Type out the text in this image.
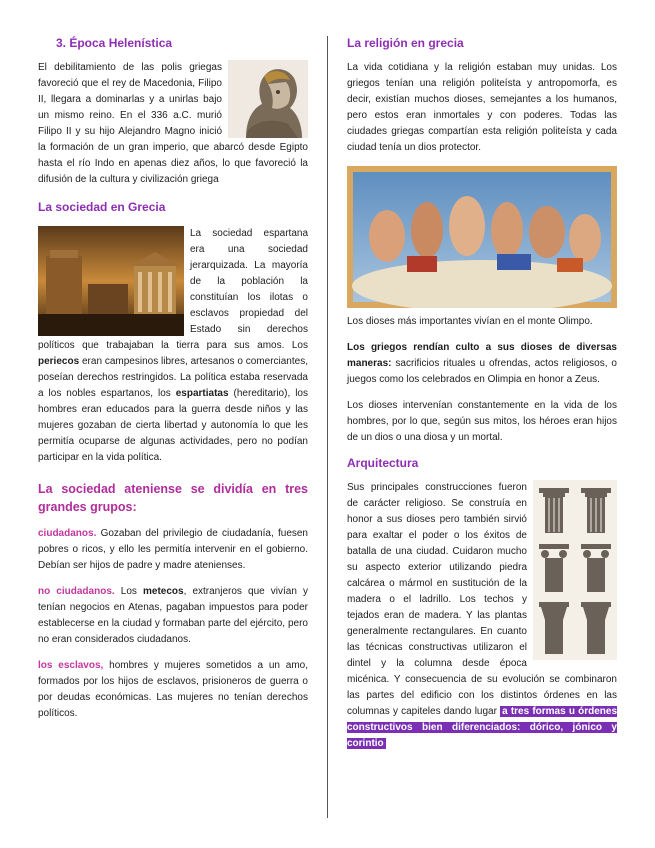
3. Época Helenística

El debilitamiento de las polis griegas favoreció que el rey de Macedonia, Filipo II, llegara a dominarlas y a unirlas bajo un mismo reino. En el 336 a.C. murió Filipo II y su hijo Alejandro Magno inició la formación de un gran imperio, que abarcó desde Egipto hasta el río Indo en apenas diez años, lo que favoreció la difusión de la cultura y civilización griega

La sociedad en Grecia

La sociedad espartana era una sociedad jerarquizada. La mayoría de la población la constituían los ilotas o esclavos propiedad del Estado sin derechos políticos que trabajaban la tierra para sus amos. Los periecos eran campesinos libres, artesanos o comerciantes, poseían derechos restringidos. La política estaba reservada a los nobles espartanos, los espartiatas (hereditario), los hombres eran educados para la guerra desde niños y las mujeres gozaban de cierta libertad y autonomía lo que les permitía ocuparse de algunas actividades, pero no podían participar en la vida política.

La sociedad ateniense se dividía en tres grandes grupos:

ciudadanos. Gozaban del privilegio de ciudadanía, fuesen pobres o ricos, y ello les permitía intervenir en el gobierno. Debían ser hijos de padre y madre atenienses.

no ciudadanos. Los metecos, extranjeros que vivían y tenían negocios en Atenas, pagaban impuestos para poder establecerse en la ciudad y formaban parte del ejército, pero no eran considerados ciudadanos.

los esclavos, hombres y mujeres sometidos a un amo, formados por los hijos de esclavos, prisioneros de guerra o por deudas económicas. Las mujeres no tenían derechos políticos.

La religión en grecia

La vida cotidiana y la religión estaban muy unidas. Los griegos tenían una religión politeísta y antropomorfa, es decir, existían muchos dioses, semejantes a los humanos, pero estos eran inmortales y con poderes. Todas las ciudades griegas compartían esta religión politeísta y cada ciudad tenía un dios protector.

Los dioses más importantes vivían en el monte Olimpo.

Los griegos rendían culto a sus dioses de diversas maneras: sacrificios rituales u ofrendas, actos religiosos, o juegos como los celebrados en Olimpia en honor a Zeus.

Los dioses intervenían constantemente en la vida de los hombres, por lo que, según sus mitos, los héroes eran hijos de un dios o una diosa y un mortal.

Arquitectura

Sus principales construcciones fueron de carácter religioso. Se construía en honor a sus dioses pero también sirvió para exaltar el poder o los éxitos de batalla de una ciudad. Cuidaron mucho su aspecto exterior utilizando piedra calcárea o mármol en sustitución de la madera o el ladrillo. Los techos y tejados eran de madera. Y las plantas generalmente rectangulares. En cuanto las técnicas constructivas utilizaron el dintel y la columna desde época micénica. Y consecuencia de su evolución se combinaron las partes del edificio con los distintos órdenes en las columnas y capiteles dando lugar a tres formas u órdenes constructivos bien diferenciados: dórico, jónico y corintio
